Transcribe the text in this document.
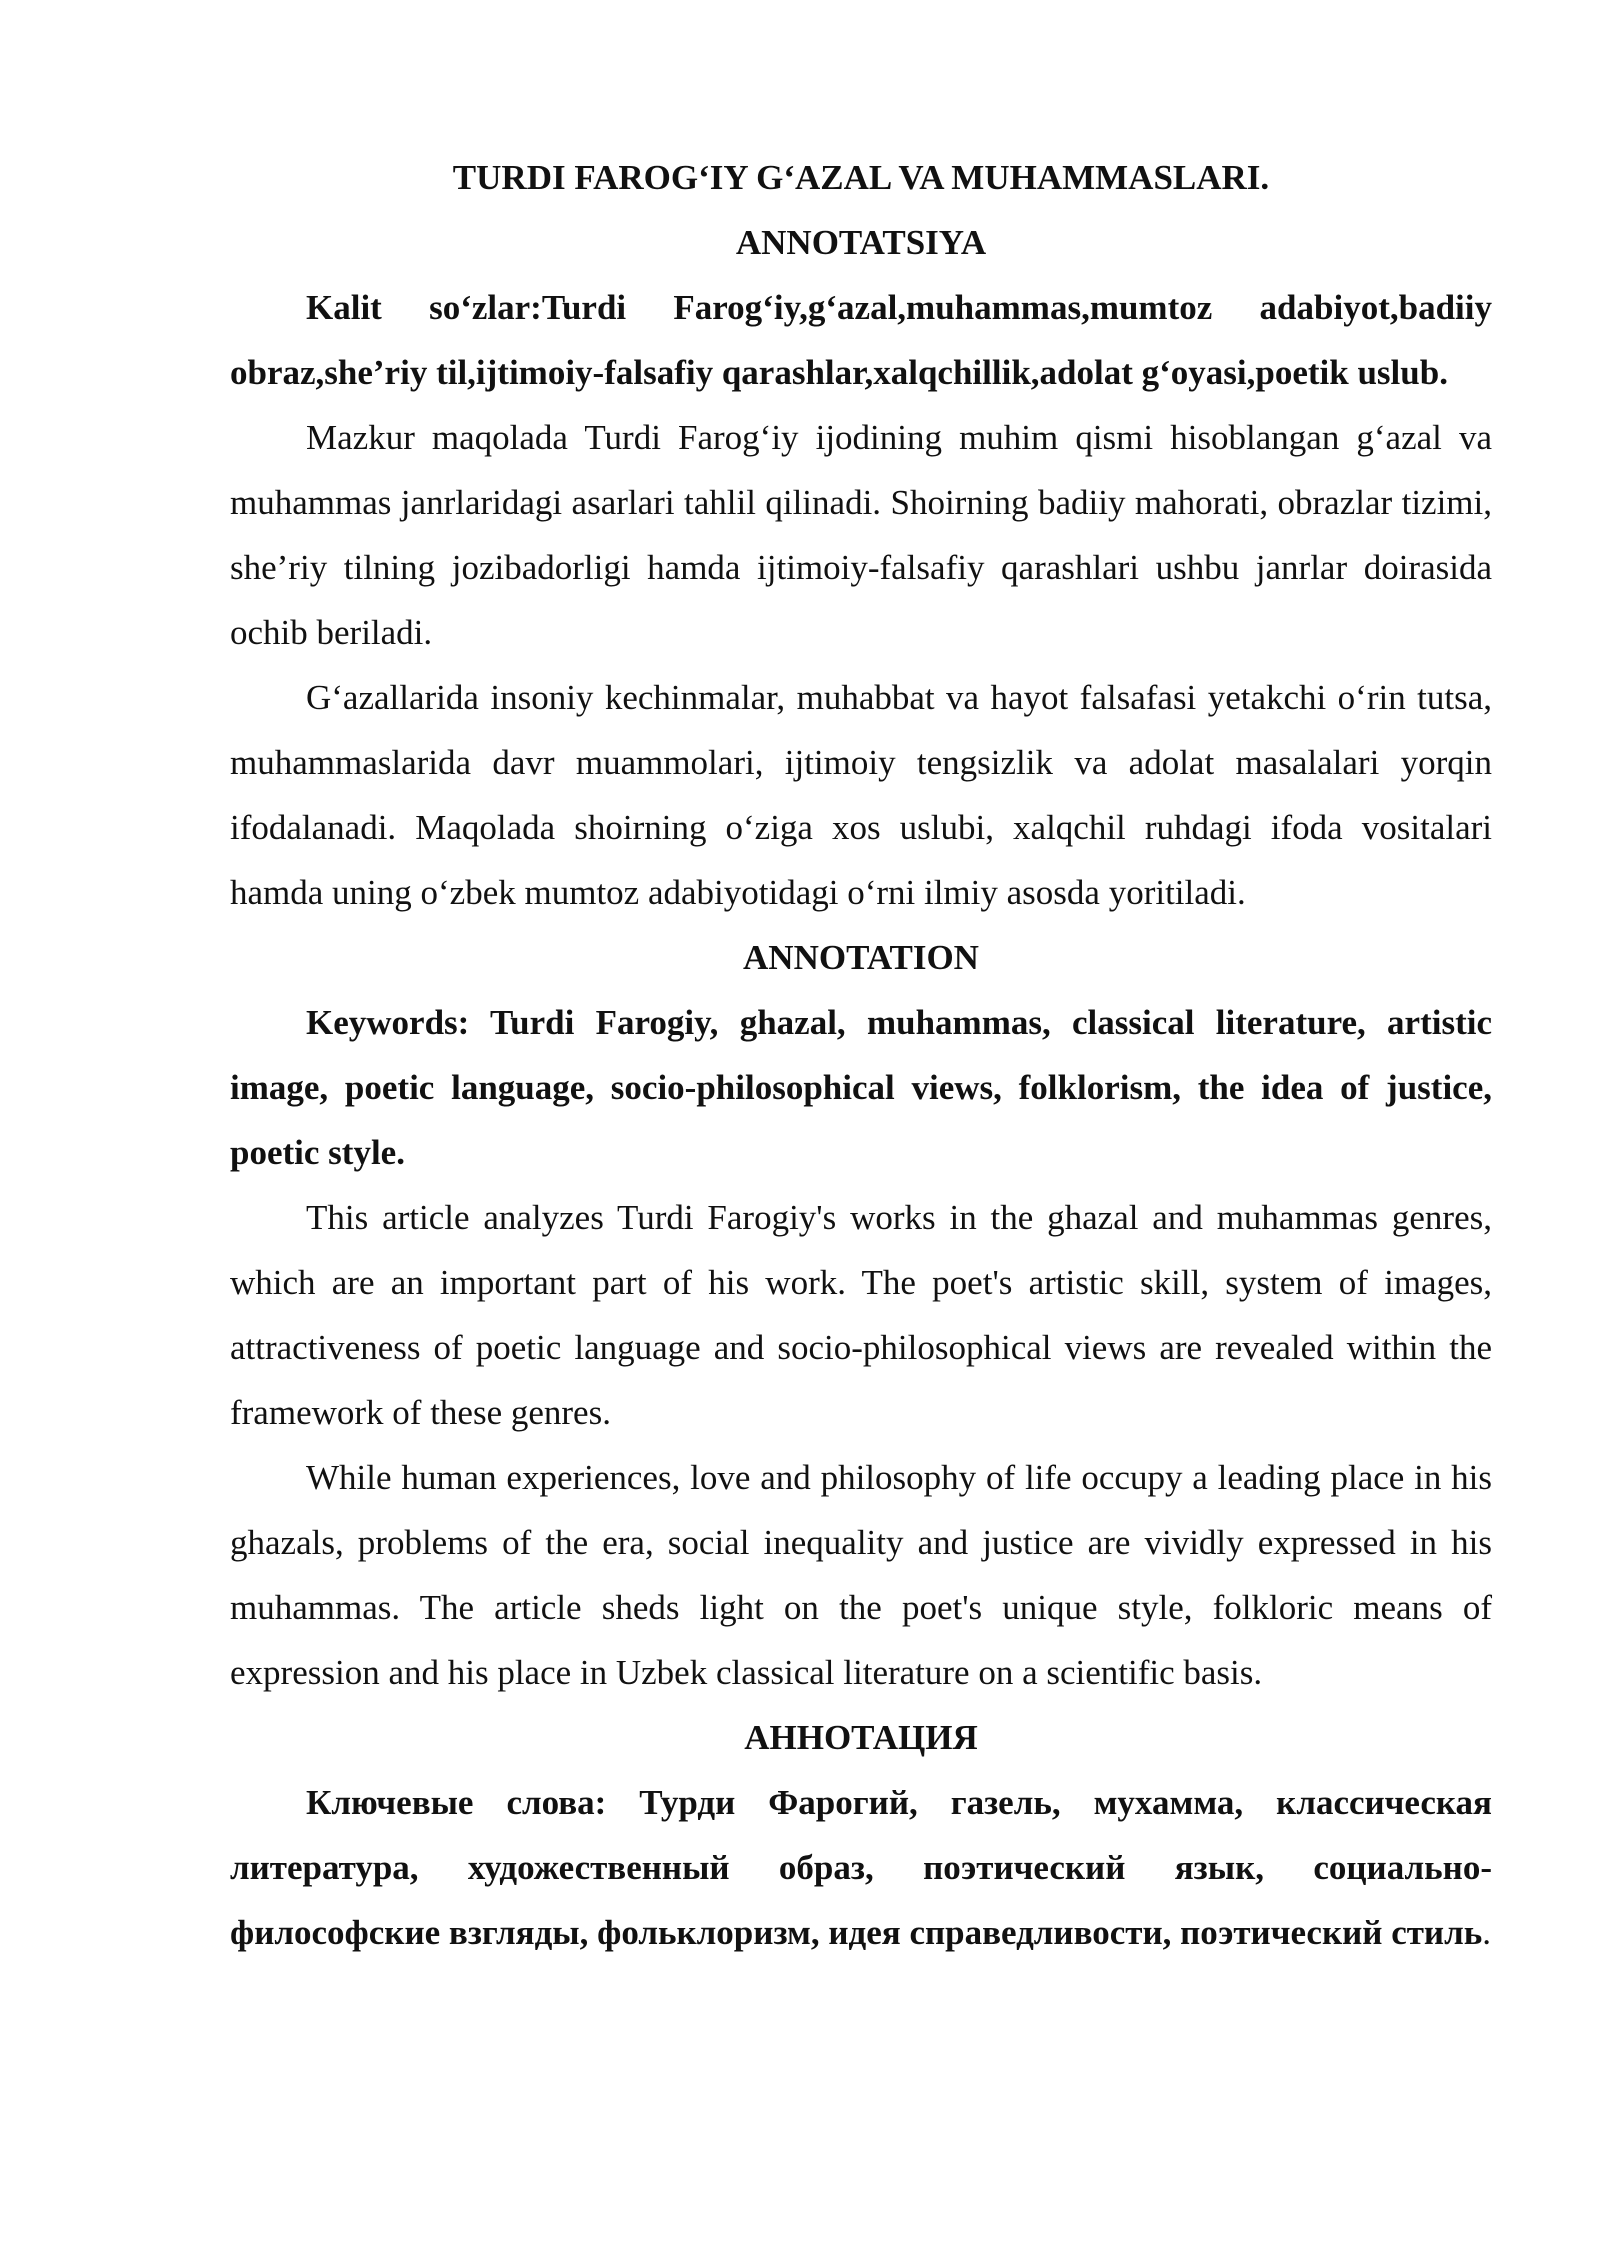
TURDI FAROG‘IY G‘AZAL VA MUHAMMASLARI.

ANNOTATSIYA

Kalit so‘zlar:Turdi Farog‘iy,g‘azal,muhammas,mumtoz adabiyot,badiiy obraz,she’riy til,ijtimoiy-falsafiy qarashlar,xalqchillik,adolat g‘oyasi,poetik uslub.

Mazkur maqolada Turdi Farog‘iy ijodining muhim qismi hisoblangan g‘azal va muhammas janrlaridagi asarlari tahlil qilinadi. Shoirning badiiy mahorati, obrazlar tizimi, she’riy tilning jozibadorligi hamda ijtimoiy-falsafiy qarashlari ushbu janrlar doirasida ochib beriladi.

G‘azallarida insoniy kechinmalar, muhabbat va hayot falsafasi yetakchi o‘rin tutsa, muhammaslarida davr muammolari, ijtimoiy tengsizlik va adolat masalalari yorqin ifodalanadi. Maqolada shoirning o‘ziga xos uslubi, xalqchil ruhdagi ifoda vositalari hamda uning o‘zbek mumtoz adabiyotidagi o‘rni ilmiy asosda yoritiladi.

ANNOTATION

Keywords: Turdi Farogiy, ghazal, muhammas, classical literature, artistic image, poetic language, socio-philosophical views, folklorism, the idea of justice, poetic style.

This article analyzes Turdi Farogiy's works in the ghazal and muhammas genres, which are an important part of his work. The poet's artistic skill, system of images, attractiveness of poetic language and socio-philosophical views are revealed within the framework of these genres.

While human experiences, love and philosophy of life occupy a leading place in his ghazals, problems of the era, social inequality and justice are vividly expressed in his muhammas. The article sheds light on the poet's unique style, folkloric means of expression and his place in Uzbek classical literature on a scientific basis.

АННОТАЦИЯ

Ключевые слова: Турди Фарогий, газель, мухамма, классическая литература, художественный образ, поэтический язык, социально-философские взгляды, фольклоризм, идея справедливости, поэтический стиль.
